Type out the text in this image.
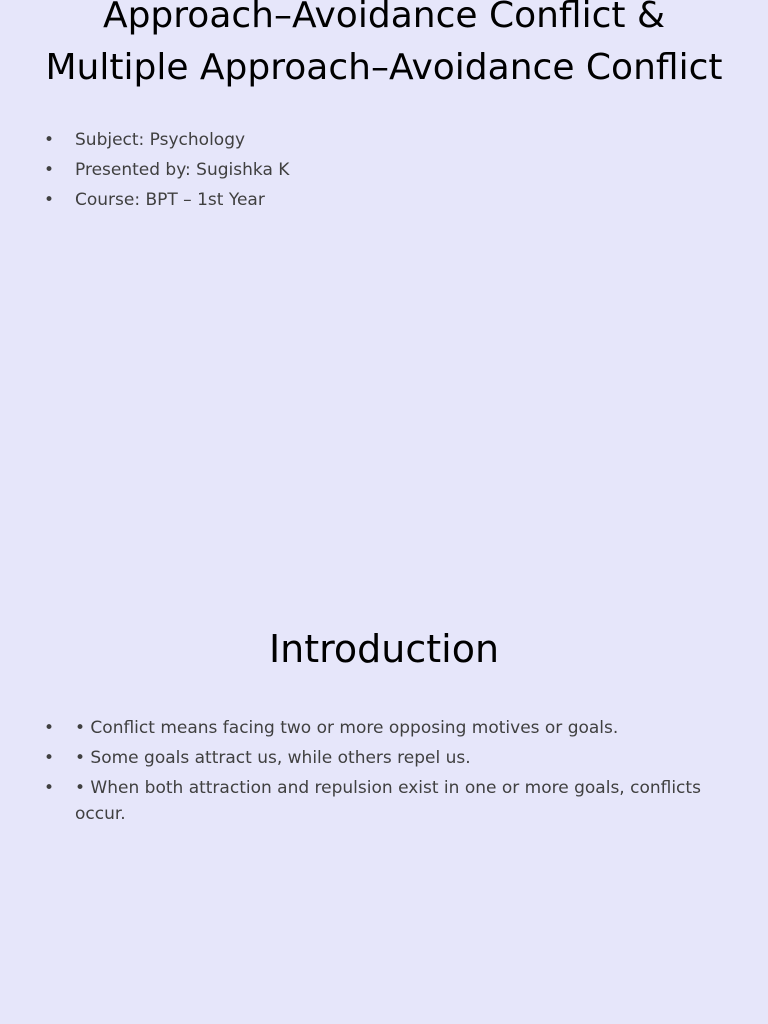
• Subject: Psychology
• Presented by: Sugishka K
• Course: BPT – 1st Year
Approach–Avoidance Conflict & Multiple Approach–Avoidance Conflict
Introduction
• • Conflict means facing two or more opposing motives or goals.
• • Some goals attract us, while others repel us.
• • When both attraction and repulsion exist in one or more goals, conflicts occur.
